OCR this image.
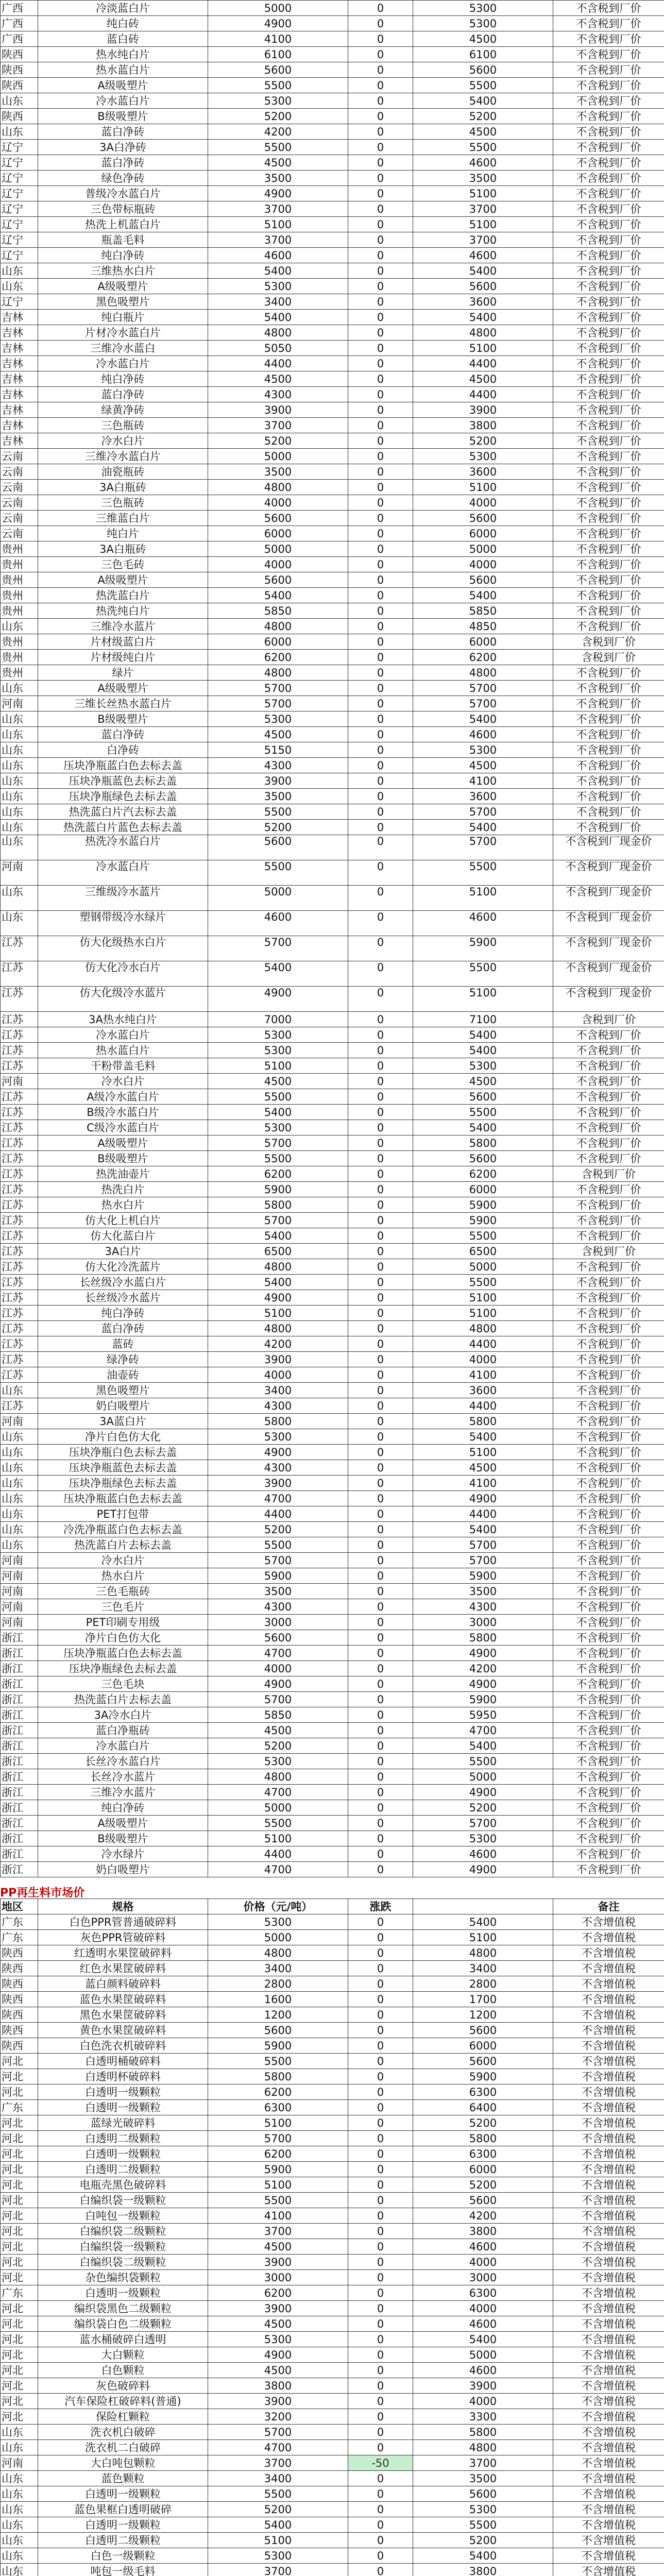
广西	冷淡蓝白片	5000	0	5300	不含税到厂价
广西	纯白砖	4900	0	5300	不含税到厂价
广西	蓝白砖	4100	0	4500	不含税到厂价
陕西	热水纯白片	6100	0	6100	不含税到厂价
陕西	热水蓝白片	5600	0	5600	不含税到厂价
陕西	A级吸塑片	5500	0	5500	不含税到厂价
山东	冷水蓝白片	5300	0	5400	不含税到厂价
陕西	B级吸塑片	5200	0	5200	不含税到厂价
山东	蓝白净砖	4200	0	4500	不含税到厂价
辽宁	3A白净砖	5500	0	5500	不含税到厂价
辽宁	蓝白净砖	4500	0	4600	不含税到厂价
辽宁	绿色净砖	3500	0	3500	不含税到厂价
辽宁	普级冷水蓝白片	4900	0	5100	不含税到厂价
辽宁	三色带标瓶砖	3700	0	3700	不含税到厂价
辽宁	热洗上机蓝白片	5100	0	5100	不含税到厂价
辽宁	瓶盖毛料	3700	0	3700	不含税到厂价
辽宁	纯白净砖	4600	0	4600	不含税到厂价
山东	三维热水白片	5400	0	5400	不含税到厂价
山东	A级吸塑片	5300	0	5600	不含税到厂价
辽宁	黑色吸塑片	3400	0	3600	不含税到厂价
吉林	纯白瓶片	5400	0	5400	不含税到厂价
吉林	片材冷水蓝白片	4800	0	4800	不含税到厂价
吉林	三维冷水蓝白	5050	0	5100	不含税到厂价
吉林	冷水蓝白片	4400	0	4400	不含税到厂价
吉林	纯白净砖	4500	0	4500	不含税到厂价
吉林	蓝白净砖	4300	0	4400	不含税到厂价
吉林	绿黄净砖	3900	0	3900	不含税到厂价
吉林	三色瓶砖	3700	0	3800	不含税到厂价
吉林	冷水白片	5200	0	5200	不含税到厂价
云南	三维冷水蓝白片	5000	0	5300	不含税到厂价
云南	油瓷瓶砖	3500	0	3600	不含税到厂价
云南	3A白瓶砖	4800	0	5100	不含税到厂价
云南	三色瓶砖	4000	0	4000	不含税到厂价
云南	三维蓝白片	5600	0	5600	不含税到厂价
云南	纯白片	6000	0	6000	不含税到厂价
贵州	3A白瓶砖	5000	0	5000	不含税到厂价
贵州	三色毛砖	4000	0	4000	不含税到厂价
贵州	A级吸塑片	5600	0	5600	不含税到厂价
贵州	热洗蓝白片	5400	0	5400	不含税到厂价
贵州	热洗纯白片	5850	0	5850	不含税到厂价
山东	三维冷水蓝片	4800	0	4850	不含税到厂价
贵州	片材级蓝白片	6000	0	6000	含税到厂价
贵州	片材级纯白片	6200	0	6200	含税到厂价
贵州	绿片	4800	0	4800	不含税到厂价
山东	A级吸塑片	5700	0	5700	不含税到厂价
河南	三维长丝热水蓝白片	5700	0	5700	不含税到厂价
山东	B级吸塑片	5300	0	5400	不含税到厂价
山东	蓝白净砖	4500	0	4600	不含税到厂价
山东	白净砖	5150	0	5300	不含税到厂价
山东	压块净瓶蓝白色去标去盖	4300	0	4500	不含税到厂价
山东	压块净瓶蓝色去标去盖	3900	0	4100	不含税到厂价
山东	压块净瓶绿色去标去盖	3500	0	3600	不含税到厂价
山东	热洗蓝白片汽去标去盖	5500	0	5700	不含税到厂价
山东	热洗蓝白片蓝色去标去盖	5200	0	5400	不含税到厂价
山东	热洗冷水蓝白片	5600	0	5700	不含税到厂现金价
河南	冷水蓝白片	5500	0	5500	不含税到厂现金价
山东	三维级冷水蓝片	5000	0	5100	不含税到厂现金价
山东	塑钢带级冷水绿片	4600	0	4600	不含税到厂现金价
江苏	仿大化级热水白片	5700	0	5900	不含税到厂现金价
江苏	仿大化冷水白片	5400	0	5500	不含税到厂现金价
江苏	仿大化级冷水蓝片	4900	0	5100	不含税到厂现金价
江苏	3A热水纯白片	7000	0	7100	含税到厂价
江苏	冷水蓝白片	5300	0	5400	不含税到厂价
江苏	热水蓝白片	5300	0	5400	不含税到厂价
江苏	干粉带盖毛料	5100	0	5300	不含税到厂价
河南	冷水白片	4500	0	4500	不含税到厂价
江苏	A级冷水蓝白片	5500	0	5600	不含税到厂价
江苏	B级冷水蓝白片	5400	0	5500	不含税到厂价
江苏	C级冷水蓝白片	5300	0	5400	不含税到厂价
江苏	A级吸塑片	5700	0	5800	不含税到厂价
江苏	B级吸塑片	5500	0	5600	不含税到厂价
江苏	热洗油壶片	6200	0	6200	含税到厂价
江苏	热洗白片	5900	0	6000	不含税到厂价
江苏	热水白片	5800	0	5900	不含税到厂价
江苏	仿大化上机白片	5700	0	5900	不含税到厂价
江苏	仿大化蓝白片	5400	0	5500	不含税到厂价
江苏	3A白片	6500	0	6500	含税到厂价
江苏	仿大化冷洗蓝片	4800	0	5000	不含税到厂价
江苏	长丝级冷水蓝白片	5400	0	5500	不含税到厂价
江苏	长丝级冷水蓝片	4900	0	5100	不含税到厂价
江苏	纯白净砖	5100	0	5100	不含税到厂价
江苏	蓝白净砖	4800	0	4800	不含税到厂价
江苏	蓝砖	4200	0	4400	不含税到厂价
江苏	绿净砖	3900	0	4000	不含税到厂价
江苏	油壶砖	4000	0	4100	不含税到厂价
山东	黑色吸塑片	3400	0	3600	不含税到厂价
江苏	奶白吸塑片	4300	0	4400	不含税到厂价
河南	3A蓝白片	5800	0	5800	不含税到厂价
山东	净片白色仿大化	5300	0	5400	不含税到厂价
山东	压块净瓶白色去标去盖	4900	0	5100	不含税到厂价
山东	压块净瓶蓝色去标去盖	4300	0	4500	不含税到厂价
山东	压块净瓶绿色去标去盖	3900	0	4100	不含税到厂价
山东	压块净瓶蓝白色去标去盖	4700	0	4900	不含税到厂价
山东	PET打包带	4400	0	4400	不含税到厂价
山东	冷洗净瓶蓝白色去标去盖	5200	0	5400	不含税到厂价
山东	热洗蓝白片去标去盖	5500	0	5700	不含税到厂价
河南	冷水白片	5700	0	5700	不含税到厂价
河南	热水白片	5900	0	5900	不含税到厂价
河南	三色毛瓶砖	3500	0	3500	不含税到厂价
河南	三色毛片	4300	0	4300	不含税到厂价
河南	PET印刷专用级	3000	0	3000	不含税到厂价
浙江	净片白色仿大化	5600	0	5800	不含税到厂价
浙江	压块净瓶蓝白色去标去盖	4700	0	4900	不含税到厂价
浙江	压块净瓶绿色去标去盖	4000	0	4200	不含税到厂价
浙江	三色毛块	4900	0	4900	不含税到厂价
浙江	热洗蓝白片去标去盖	5700	0	5900	不含税到厂价
浙江	3A冷水白片	5850	0	5950	不含税到厂价
浙江	蓝白净瓶砖	4500	0	4700	不含税到厂价
浙江	冷水蓝白片	5200	0	5400	不含税到厂价
浙江	长丝冷水蓝白片	5300	0	5500	不含税到厂价
浙江	长丝冷水蓝片	4800	0	5000	不含税到厂价
浙江	三维冷水蓝片	4700	0	4900	不含税到厂价
浙江	纯白净砖	5000	0	5200	不含税到厂价
浙江	A级吸塑片	5500	0	5700	不含税到厂价
浙江	B级吸塑片	5100	0	5300	不含税到厂价
浙江	冷水绿片	4400	0	4600	不含税到厂价
浙江	奶白吸塑片	4700	0	4900	不含税到厂价
PP再生料市场价
地区	规格	价格（元/吨）	涨跌	备注
广东	白色PPR管普通破碎料	5300	0	5400	不含增值税
广东	灰色PPR管破碎料	5000	0	5100	不含增值税
陕西	红透明水果筐破碎料	4800	0	4800	不含增值税
陕西	红色水果筐破碎料	3400	0	3400	不含增值税
陕西	蓝白颜料破碎料	2800	0	2800	不含增值税
陕西	蓝色水果筐破碎料	1600	0	1700	不含增值税
陕西	黑色水果筐破碎料	1200	0	1200	不含增值税
陕西	黄色水果筐破碎料	5600	0	5600	不含增值税
陕西	白色洗衣机破碎料	5900	0	6000	不含增值税
河北	白透明桶破碎料	5500	0	5600	不含增值税
河北	白透明杯破碎料	5800	0	5900	不含增值税
河北	白透明一级颗粒	6200	0	6300	不含增值税
广东	白透明一级颗粒	6300	0	6400	不含增值税
河北	蓝绿光破碎料	5100	0	5200	不含增值税
河北	白透明二级颗粒	5700	0	5800	不含增值税
河北	白透明一级颗粒	6200	0	6300	不含增值税
河北	白透明二级颗粒	5900	0	6000	不含增值税
河北	电瓶壳黑色破碎料	5100	0	5200	不含增值税
河北	白编织袋一级颗粒	5500	0	5600	不含增值税
河北	白吨包一级颗粒	4100	0	4200	不含增值税
河北	白编织袋二级颗粒	3700	0	3800	不含增值税
河北	白编织袋一级颗粒	4500	0	4600	不含增值税
河北	白编织袋二级颗粒	3900	0	4000	不含增值税
河北	杂色编织袋颗粒	3000	0	3000	不含增值税
广东	白透明一级颗粒	6200	0	6300	不含增值税
河北	编织袋黑色二级颗粒	3900	0	4000	不含增值税
河北	编织袋白色二级颗粒	4500	0	4600	不含增值税
河北	蓝水桶破碎白透明	5300	0	5400	不含增值税
河北	大白颗粒	4900	0	5000	不含增值税
河北	白色颗粒	4500	0	4600	不含增值税
河北	灰色破碎料	3800	0	3900	不含增值税
河北	汽车保险杠破碎料(普通)	3900	0	4000	不含增值税
河北	保险杠颗粒	3200	0	3300	不含增值税
山东	洗衣机白破碎	5700	0	5800	不含增值税
山东	洗衣机二白破碎	4700	0	4800	不含增值税
河南	大白吨包颗粒	3700	-50	3700	不含增值税
山东	蓝色颗粒	3400	0	3500	不含增值税
山东	白透明一级颗粒	5500	0	5600	不含增值税
山东	蓝色果框白透明破碎	5200	0	5300	不含增值税
山东	白透明一级颗粒	5400	0	5500	不含增值税
山东	白透明二级颗粒	5100	0	5200	不含增值税
山东	白色一级颗粒	5300	0	5400	不含增值税
山东	吨包一级毛料	3700	0	3800	不含增值税
